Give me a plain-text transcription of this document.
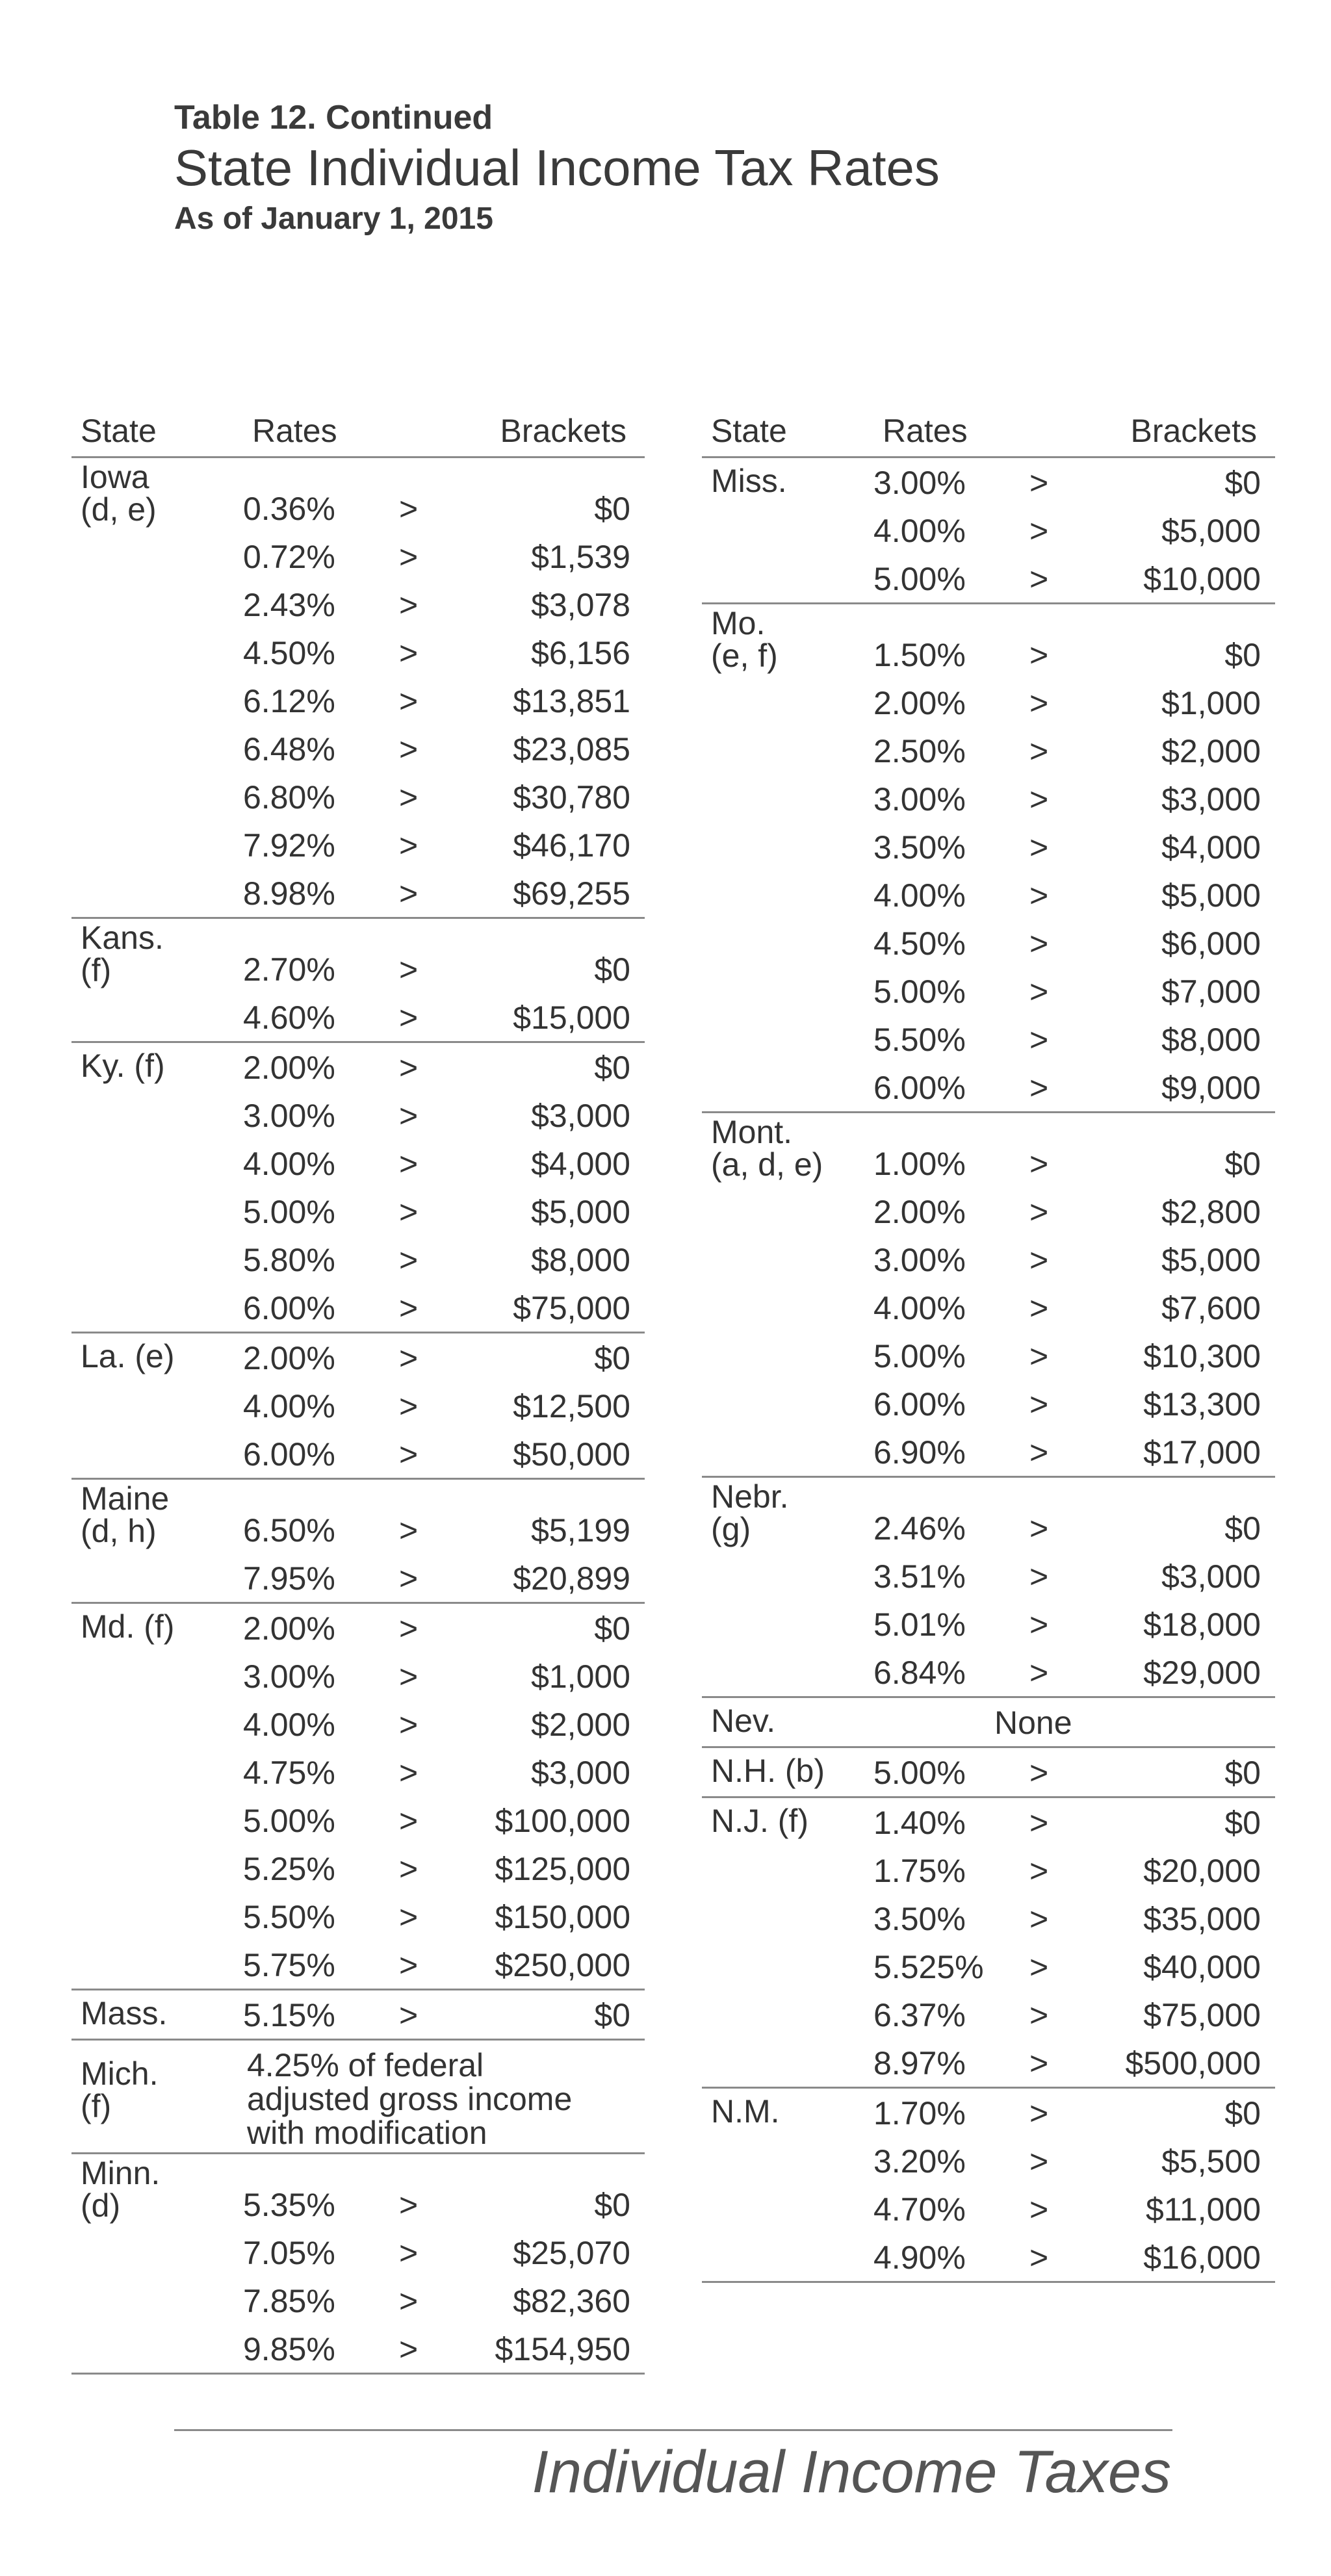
Table 12. Continued
State Individual Income Tax Rates
As of January 1, 2015
State	Rates	Brackets
Iowa
(d, e)	0.36% >	$0
0.72% >	$1,539
2.43% >	$3,078
4.50% >	$6,156
6.12% >	$13,851
6.48% >	$23,085
6.80% >	$30,780
7.92% >	$46,170
8.98% >	$69,255
Kans.
(f)	2.70% >	$0
4.60% >	$15,000
Ky. (f) 2.00% >	$0
3.00% >	$3,000
4.00% >	$4,000
5.00% >	$5,000
5.80% >	$8,000
6.00% >	$75,000
La. (e) 2.00% >	$0
4.00% >	$12,500
6.00% >	$50,000
Maine
(d, h)	6.50% >	$5,199
7.95% >	$20,899
Md. (f) 2.00% >	$0
3.00% >	$1,000
4.00% >	$2,000
4.75% >	$3,000
5.00% > $100,000
5.25% > $125,000
5.50% > $150,000
5.75% > $250,000
Mass. 5.15% >	$0
Mich.
(f)
4.25% of federal
adjusted gross income
with modification
Minn.
(d)	5.35% >	$0
7.05% >	$25,070
7.85% >	$82,360
9.85% > $154,950
State	Rates	Brackets
Miss.	3.00% >	$0
4.00% >	$5,000
5.00% >	$10,000
Mo.
(e, f)	1.50% >	$0
2.00% >	$1,000
2.50% >	$2,000
3.00% >	$3,000
3.50% >	$4,000
4.00% >	$5,000
4.50% >	$6,000
5.00% >	$7,000
5.50% >	$8,000
6.00% >	$9,000
Mont.
(a, d, e) 1.00% >	$0
2.00% >	$2,800
3.00% >	$5,000
4.00% >	$7,600
5.00% >	$10,300
6.00% >	$13,300
6.90% >	$17,000
Nebr.
(g)	2.46% >	$0
3.51% >	$3,000
5.01% >	$18,000
6.84% >	$29,000
Nev.	None
N.H. (b) 5.00% >	$0
N.J. (f) 1.40% >	$0
1.75% >	$20,000
3.50% >	$35,000
5.525% >	$40,000
6.37% >	$75,000
8.97% > $500,000
N.M.	1.70% >	$0
3.20% >	$5,500
4.70% >	$11,000
4.90% >	$16,000
Individual Income Taxes
